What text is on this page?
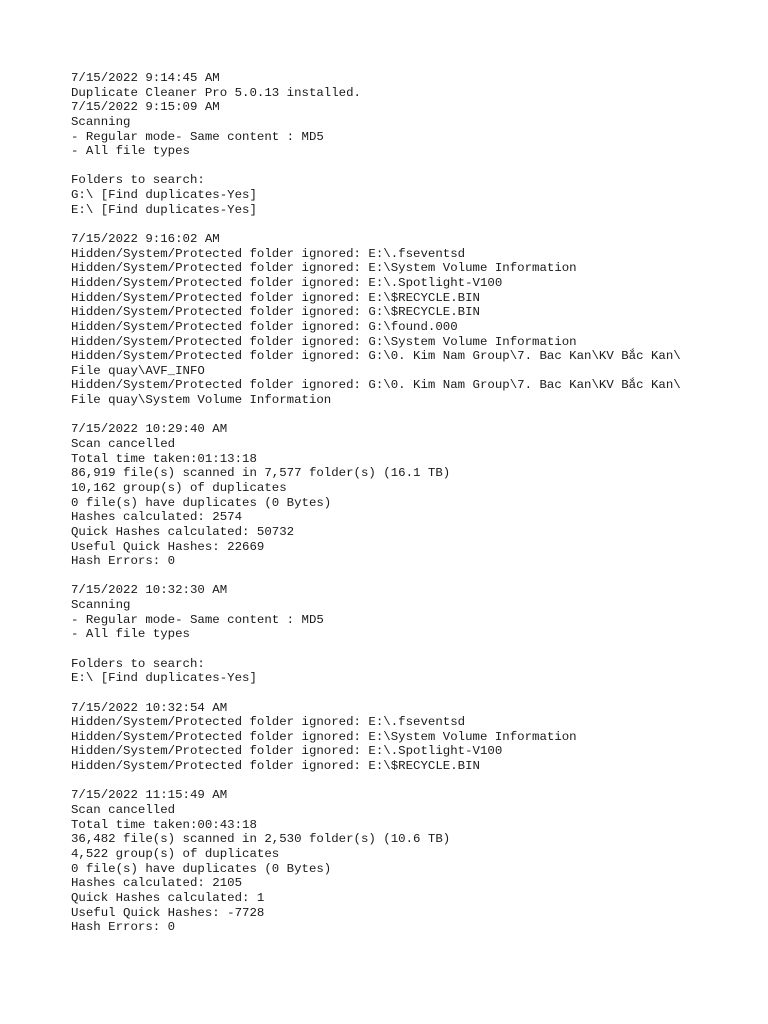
7/15/2022 9:14:45 AM
Duplicate Cleaner Pro 5.0.13 installed.
7/15/2022 9:15:09 AM
Scanning
- Regular mode- Same content : MD5
- All file types
Folders to search:
G:\ [Find duplicates-Yes]
E:\ [Find duplicates-Yes]
7/15/2022 9:16:02 AM
Hidden/System/Protected folder ignored: E:\.fseventsd
Hidden/System/Protected folder ignored: E:\System Volume Information
Hidden/System/Protected folder ignored: E:\.Spotlight-V100
Hidden/System/Protected folder ignored: E:\$RECYCLE.BIN
Hidden/System/Protected folder ignored: G:\$RECYCLE.BIN
Hidden/System/Protected folder ignored: G:\found.000
Hidden/System/Protected folder ignored: G:\System Volume Information
Hidden/System/Protected folder ignored: G:\0. Kim Nam Group\7. Bac Kan\KV Bắc Kan\
File quay\AVF_INFO
Hidden/System/Protected folder ignored: G:\0. Kim Nam Group\7. Bac Kan\KV Bắc Kan\
File quay\System Volume Information
7/15/2022 10:29:40 AM
Scan cancelled
Total time taken:01:13:18
86,919 file(s) scanned in 7,577 folder(s) (16.1 TB)
10,162 group(s) of duplicates
0 file(s) have duplicates (0 Bytes)
Hashes calculated: 2574
Quick Hashes calculated: 50732
Useful Quick Hashes: 22669
Hash Errors: 0
7/15/2022 10:32:30 AM
Scanning
- Regular mode- Same content : MD5
- All file types
Folders to search:
E:\ [Find duplicates-Yes]
7/15/2022 10:32:54 AM
Hidden/System/Protected folder ignored: E:\.fseventsd
Hidden/System/Protected folder ignored: E:\System Volume Information
Hidden/System/Protected folder ignored: E:\.Spotlight-V100
Hidden/System/Protected folder ignored: E:\$RECYCLE.BIN
7/15/2022 11:15:49 AM
Scan cancelled
Total time taken:00:43:18
36,482 file(s) scanned in 2,530 folder(s) (10.6 TB)
4,522 group(s) of duplicates
0 file(s) have duplicates (0 Bytes)
Hashes calculated: 2105
Quick Hashes calculated: 1
Useful Quick Hashes: -7728
Hash Errors: 0
